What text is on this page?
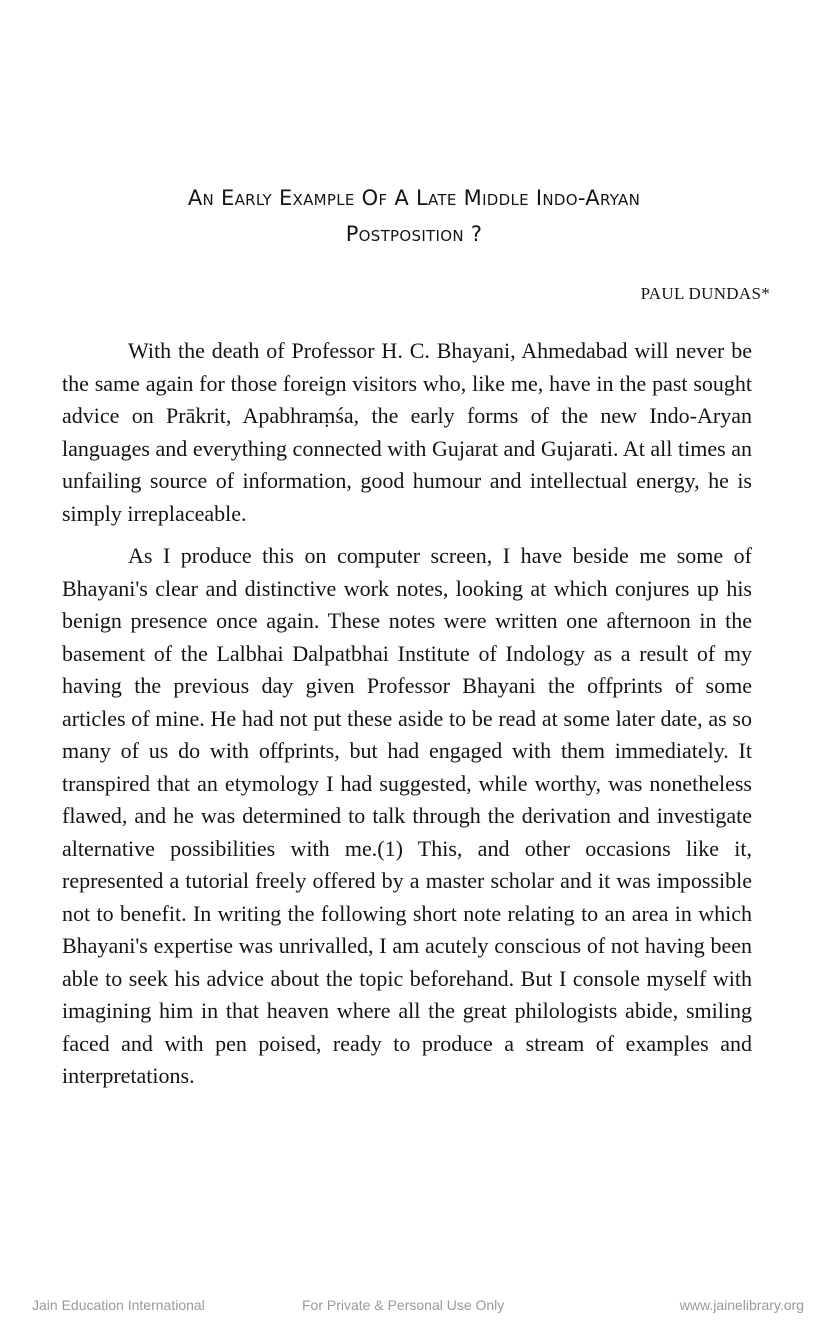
An Early Example Of A Late Middle Indo-Aryan
Postposition ?
PAUL DUNDAS*

With the death of Professor H. C. Bhayani, Ahmedabad will never be the same again for those foreign visitors who, like me, have in the past sought advice on Prākrit, Apabhraṃśa, the early forms of the new Indo-Aryan languages and everything connected with Gujarat and Gujarati. At all times an unfailing source of information, good humour and intellectual energy, he is simply irreplaceable.

As I produce this on computer screen, I have beside me some of Bhayani's clear and distinctive work notes, looking at which conjures up his benign presence once again. These notes were written one afternoon in the basement of the Lalbhai Dalpatbhai Institute of Indology as a result of my having the previous day given Professor Bhayani the offprints of some articles of mine. He had not put these aside to be read at some later date, as so many of us do with offprints, but had engaged with them immediately. It transpired that an etymology I had suggested, while worthy, was nonetheless flawed, and he was determined to talk through the derivation and investigate alternative possibilities with me.(1) This, and other occasions like it, represented a tutorial freely offered by a master scholar and it was impossible not to benefit. In writing the following short note relating to an area in which Bhayani's expertise was unrivalled, I am acutely conscious of not having been able to seek his advice about the topic beforehand. But I console myself with imagining him in that heaven where all the great philologists abide, smiling faced and with pen poised, ready to produce a stream of examples and interpretations.

Jain Education International	For Private & Personal Use Only	www.jainelibrary.org
